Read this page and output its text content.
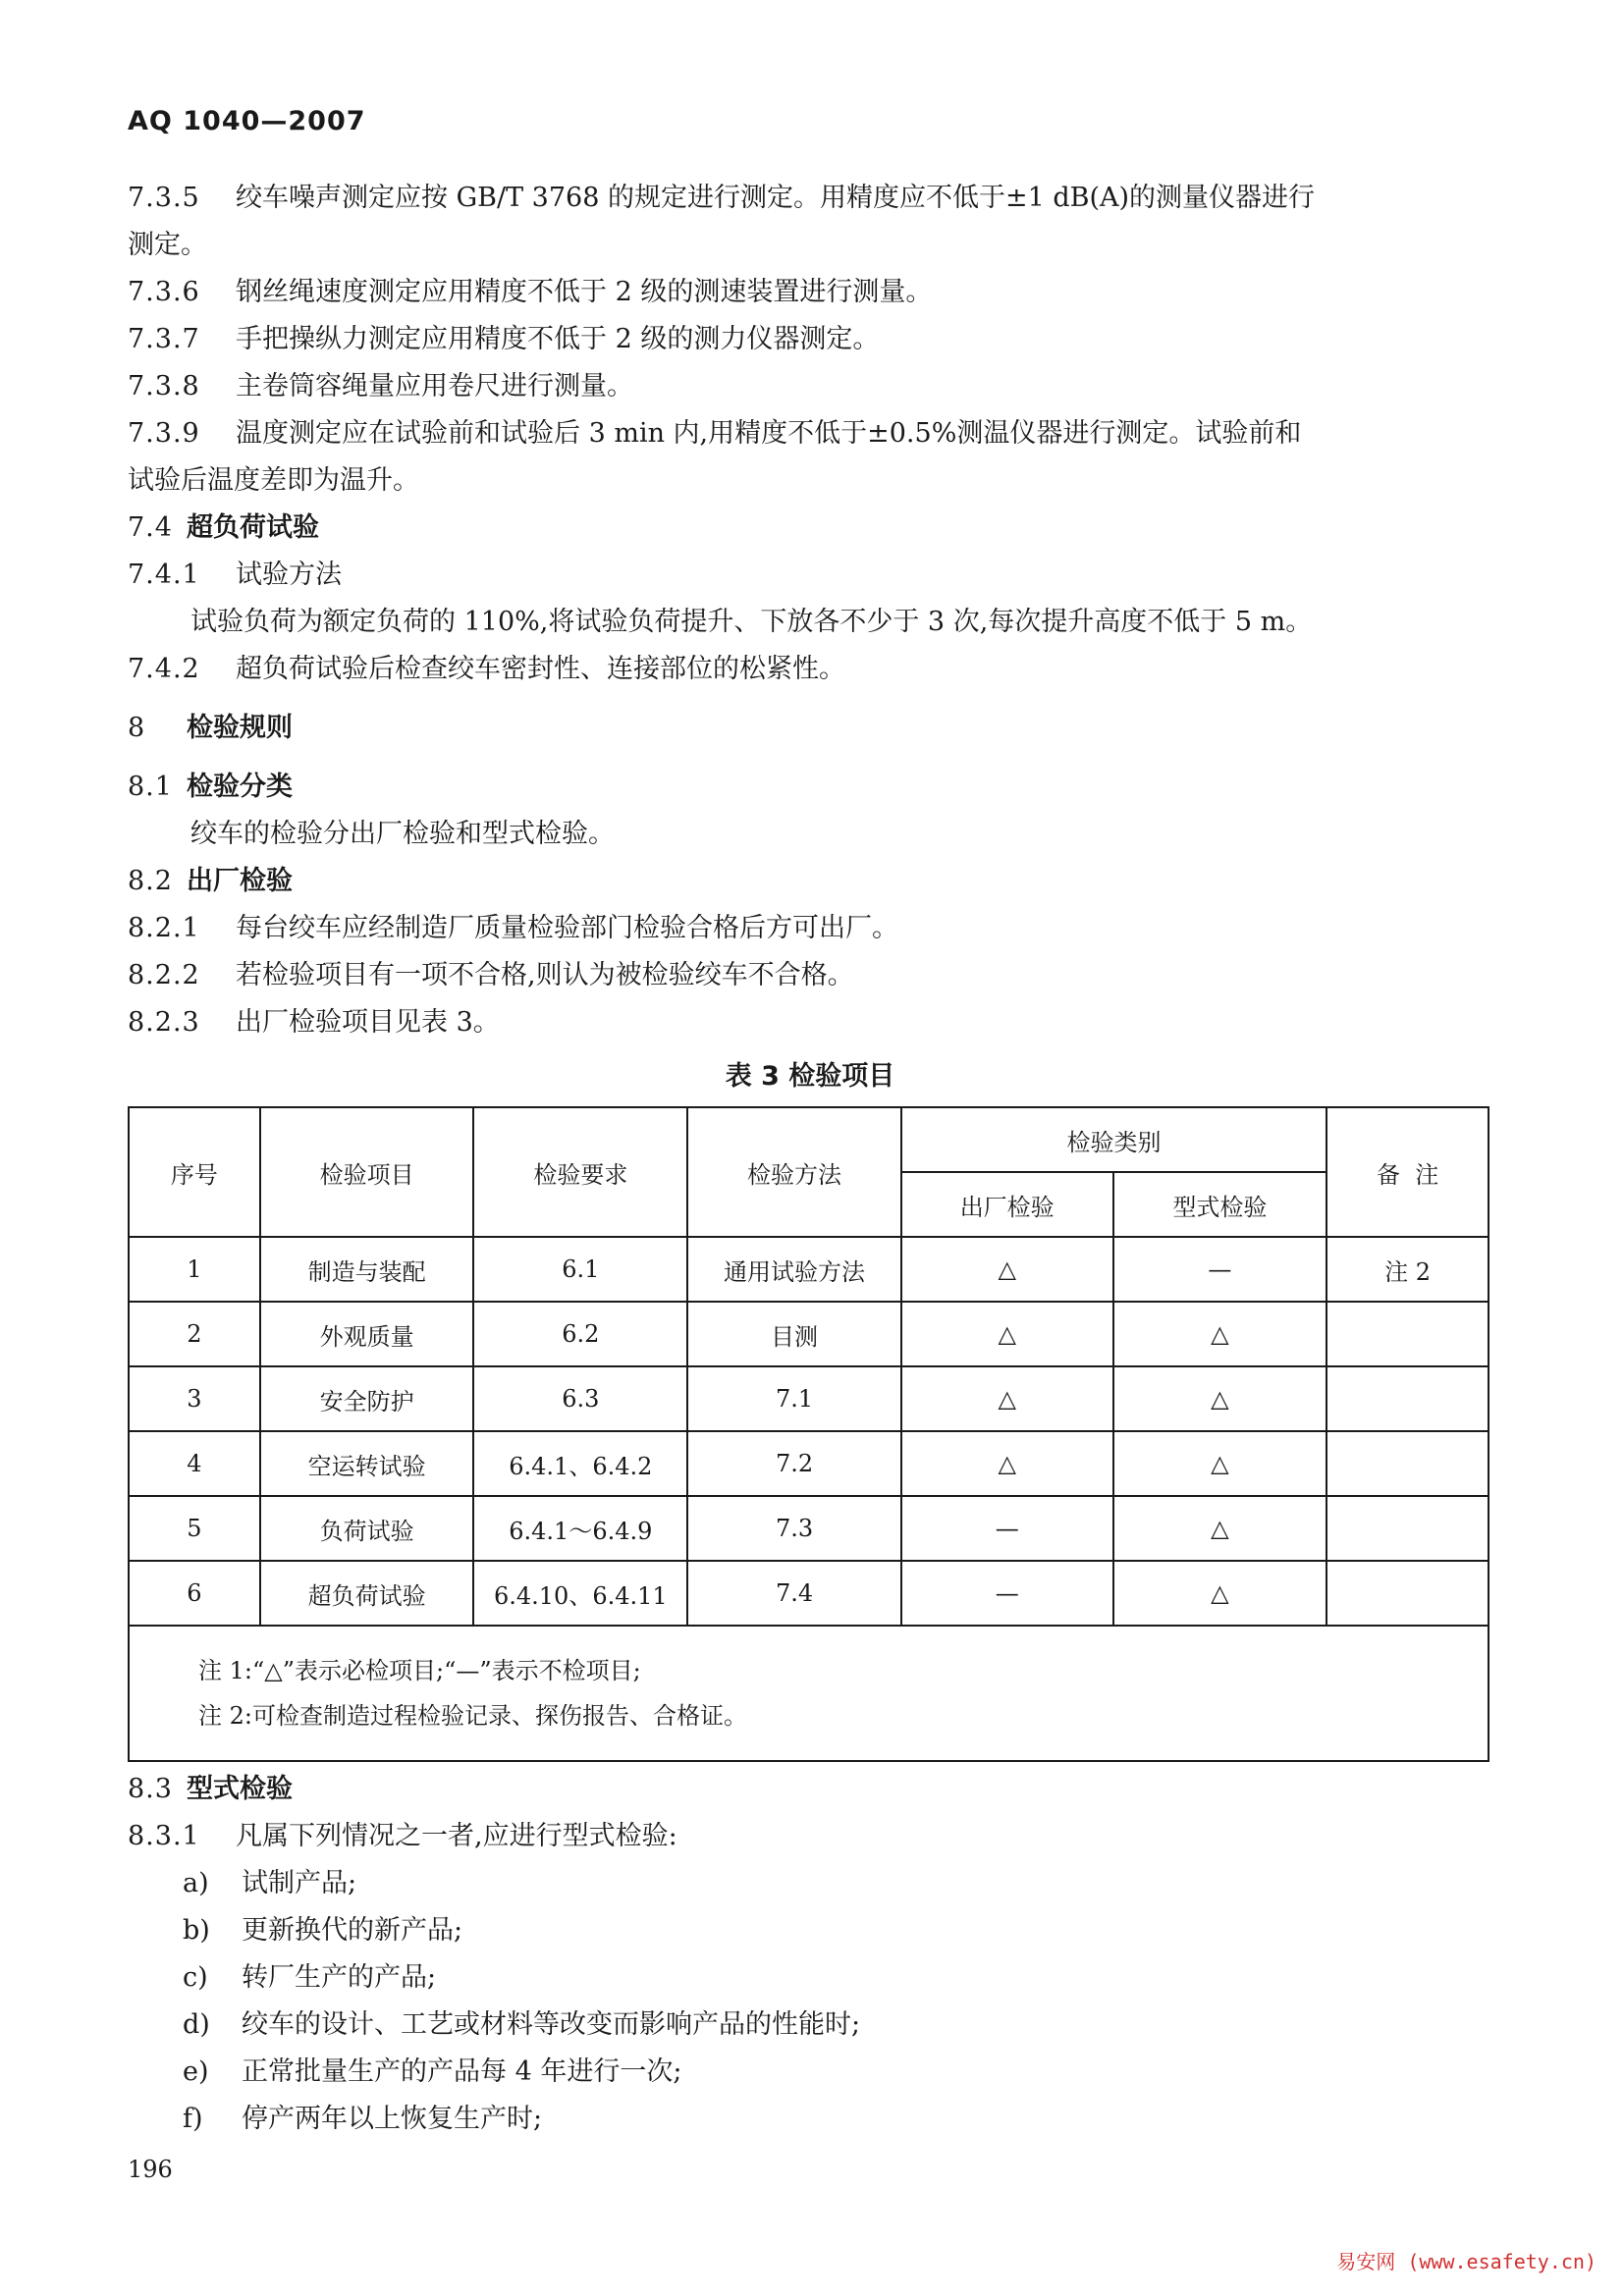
AQ 1040—2007
7.3.5 绞车噪声测定应按 GB/T 3768 的规定进行测定。用精度应不低于±1 dB(A)的测量仪器进行
测定。
7.3.6 钢丝绳速度测定应用精度不低于 2 级的测速装置进行测量。
7.3.7 手把操纵力测定应用精度不低于 2 级的测力仪器测定。
7.3.8 主卷筒容绳量应用卷尺进行测量。
7.3.9 温度测定应在试验前和试验后 3 min 内,用精度不低于±0.5%测温仪器进行测定。试验前和
试验后温度差即为温升。
7.4 超负荷试验
7.4.1 试验方法
试验负荷为额定负荷的 110%,将试验负荷提升、下放各不少于 3 次,每次提升高度不低于 5 m。
7.4.2 超负荷试验后检查绞车密封性、连接部位的松紧性。
8 检验规则
8.1 检验分类
绞车的检验分出厂检验和型式检验。
8.2 出厂检验
8.2.1 每台绞车应经制造厂质量检验部门检验合格后方可出厂。
8.2.2 若检验项目有一项不合格,则认为被检验绞车不合格。
8.2.3 出厂检验项目见表 3。
表 3 检验项目
序号	检验项目	检验要求	检验方法	检验类别		备  注
				出厂检验	型式检验	
1	制造与装配	6.1	通用试验方法	△	—	注 2
2	外观质量	6.2	目测	△	△	
3	安全防护	6.3	7.1	△	△	
4	空运转试验	6.4.1、6.4.2	7.2	△	△	
5	负荷试验	6.4.1～6.4.9	7.3	—	△	
6	超负荷试验	6.4.10、6.4.11	7.4	—	△	

注 1:“△”表示必检项目;“—”表示不检项目;
注 2:可检查制造过程检验记录、探伤报告、合格证。						
8.3 型式检验
8.3.1 凡属下列情况之一者,应进行型式检验:
a) 试制产品;
b) 更新换代的新产品;
c) 转厂生产的产品;
d) 绞车的设计、工艺或材料等改变而影响产品的性能时;
e) 正常批量生产的产品每 4 年进行一次;
f) 停产两年以上恢复生产时;
196
易安网 (www.esafety.cn)
